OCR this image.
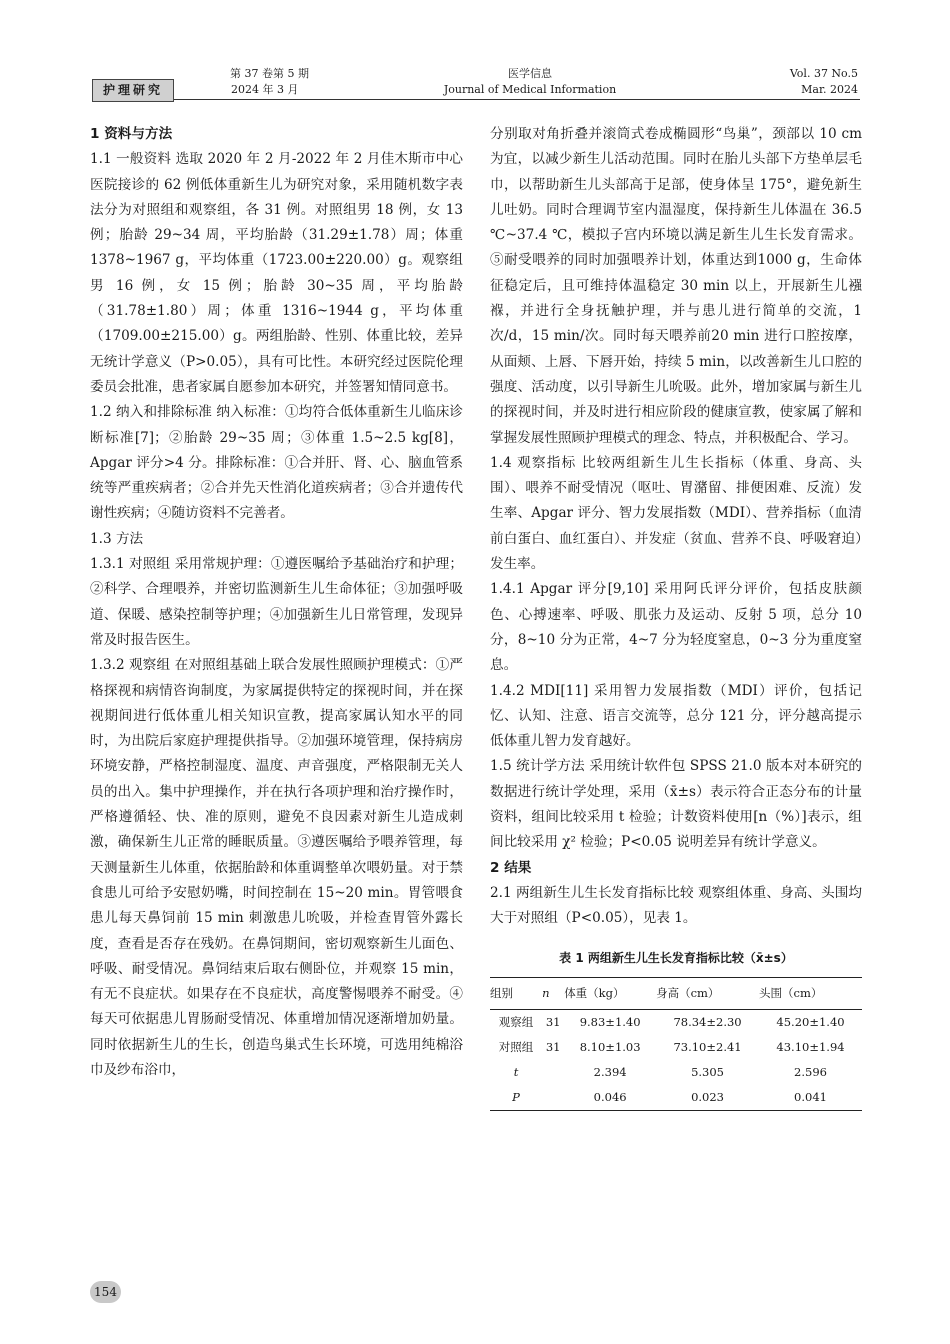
护理研究
第 37 卷第 5 期
2024 年 3 月
医学信息
Journal of Medical Information
Vol. 37 No.5
Mar. 2024

1 资料与方法

1.1 一般资料 选取 2020 年 2 月-2022 年 2 月佳木斯市中心医院接诊的 62 例低体重新生儿为研究对象，采用随机数字表法分为对照组和观察组，各 31 例。对照组男 18 例，女 13 例；胎龄 29~34 周，平均胎龄（31.29±1.78）周；体重 1378~1967 g，平均体重（1723.00±220.00）g。观察组男 16 例，女 15 例；胎龄 30~35 周，平均胎龄（31.78±1.80）周；体重 1316~1944 g，平均体重（1709.00±215.00）g。两组胎龄、性别、体重比较，差异无统计学意义（P>0.05），具有可比性。本研究经过医院伦理委员会批准，患者家属自愿参加本研究，并签署知情同意书。

1.2 纳入和排除标准 纳入标准：①均符合低体重新生儿临床诊断标准[7]；②胎龄 29~35 周；③体重 1.5~2.5 kg[8]，Apgar 评分>4 分。排除标准：①合并肝、肾、心、脑血管系统等严重疾病者；②合并先天性消化道疾病者；③合并遗传代谢性疾病；④随访资料不完善者。

1.3 方法

1.3.1 对照组 采用常规护理：①遵医嘱给予基础治疗和护理；②科学、合理喂养，并密切监测新生儿生命体征；③加强呼吸道、保暖、感染控制等护理；④加强新生儿日常管理，发现异常及时报告医生。

1.3.2 观察组 在对照组基础上联合发展性照顾护理模式：①严格探视和病情咨询制度，为家属提供特定的探视时间，并在探视期间进行低体重儿相关知识宣教，提高家属认知水平的同时，为出院后家庭护理提供指导。②加强环境管理，保持病房环境安静，严格控制湿度、温度、声音强度，严格限制无关人员的出入。集中护理操作，并在执行各项护理和治疗操作时，严格遵循轻、快、准的原则，避免不良因素对新生儿造成刺激，确保新生儿正常的睡眠质量。③遵医嘱给予喂养管理，每天测量新生儿体重，依据胎龄和体重调整单次喂奶量。对于禁食患儿可给予安慰奶嘴，时间控制在 15~20 min。胃管喂食患儿每天鼻饲前 15 min 刺激患儿吮吸，并检查胃管外露长度，查看是否存在残奶。在鼻饲期间，密切观察新生儿面色、呼吸、耐受情况。鼻饲结束后取右侧卧位，并观察 15 min，有无不良症状。如果存在不良症状，高度警惕喂养不耐受。④每天可依据患儿胃肠耐受情况、体重增加情况逐渐增加奶量。同时依据新生儿的生长，创造鸟巢式生长环境，可选用纯棉浴巾及纱布浴巾，

分别取对角折叠并滚筒式卷成椭圆形“鸟巢”，颈部以 10 cm 为宜，以减少新生儿活动范围。同时在胎儿头部下方垫单层毛巾，以帮助新生儿头部高于足部，使身体呈 175°，避免新生儿吐奶。同时合理调节室内温湿度，保持新生儿体温在 36.5 ℃~37.4 ℃，模拟子宫内环境以满足新生儿生长发育需求。⑤耐受喂养的同时加强喂养计划，体重达到1000 g，生命体征稳定后，且可维持体温稳定 30 min 以上，开展新生儿襁褓，并进行全身抚触护理，并与患儿进行简单的交流，1 次/d，15 min/次。同时每天喂养前20 min 进行口腔按摩，从面颊、上唇、下唇开始，持续 5 min，以改善新生儿口腔的强度、活动度，以引导新生儿吮吸。此外，增加家属与新生儿的探视时间，并及时进行相应阶段的健康宣教，使家属了解和掌握发展性照顾护理模式的理念、特点，并积极配合、学习。

1.4 观察指标 比较两组新生儿生长指标（体重、身高、头围）、喂养不耐受情况（呕吐、胃潴留、排便困难、反流）发生率、Apgar 评分、智力发展指数（MDI）、营养指标（血清前白蛋白、血红蛋白）、并发症（贫血、营养不良、呼吸窘迫）发生率。

1.4.1 Apgar 评分[9,10] 采用阿氏评分评价，包括皮肤颜色、心搏速率、呼吸、肌张力及运动、反射 5 项，总分 10 分，8~10 分为正常，4~7 分为轻度窒息，0~3 分为重度窒息。

1.4.2 MDI[11] 采用智力发展指数（MDI）评价，包括记忆、认知、注意、语言交流等，总分 121 分，评分越高提示低体重儿智力发育越好。

1.5 统计学方法 采用统计软件包 SPSS 21.0 版本对本研究的数据进行统计学处理，采用（x̄±s）表示符合正态分布的计量资料，组间比较采用 t 检验；计数资料使用[n（%）]表示，组间比较采用 χ² 检验；P<0.05 说明差异有统计学意义。

2 结果

2.1 两组新生儿生长发育指标比较 观察组体重、身高、头围均大于对照组（P<0.05），见表 1。

表 1 两组新生儿生长发育指标比较（x̄±s）
组别	n	体重（kg）	身高（cm）	头围（cm）
观察组	31	9.83±1.40	78.34±2.30	45.20±1.40
对照组	31	8.10±1.03	73.10±2.41	43.10±1.94
t		2.394	5.305	2.596
P		0.046	0.023	0.041
154
